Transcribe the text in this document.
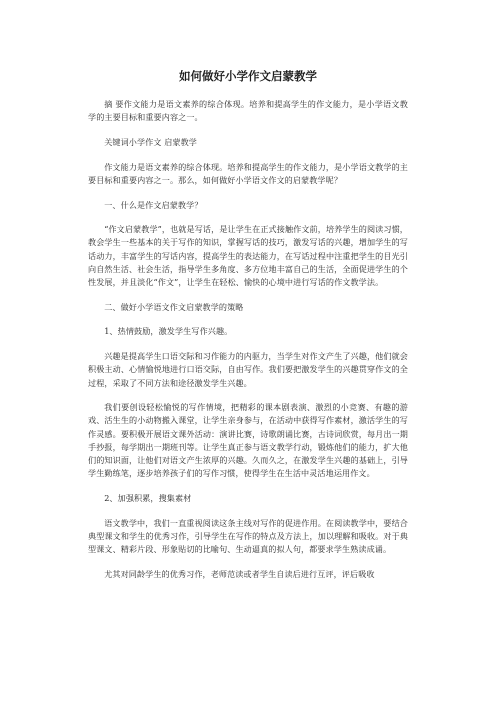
如何做好小学作文启蒙教学

摘 要作文能力是语文素养的综合体现。培养和提高学生的作文能力，是小学语文教学的主要目标和重要内容之一。

关键词小学作文 启蒙教学

作文能力是语文素养的综合体现。培养和提高学生的作文能力，是小学语文教学的主要目标和重要内容之一。那么，如何做好小学语文作文的启蒙教学呢？

一、什么是作文启蒙教学？

“作文启蒙教学”，也就是写话，是让学生在正式接触作文前，培养学生的阅读习惯，教会学生一些基本的关于写作的知识，掌握写话的技巧，激发写话的兴趣，增加学生的写话动力，丰富学生的写话内容，提高学生的表达能力，在写话过程中注重把学生的目光引向自然生活、社会生活，指导学生多角度、多方位地丰富自己的生活，全面促进学生的个性发展，并且淡化“作文”，让学生在轻松、愉快的心境中进行写话的作文教学法。

二、做好小学语文作文启蒙教学的策略

1、热情鼓励，激发学生写作兴趣。

兴趣是提高学生口语交际和习作能力的内驱力，当学生对作文产生了兴趣，他们就会积极主动、心情愉悦地进行口语交际，自由写作。我们要把激发学生的兴趣贯穿作文的全过程，采取了不同方法和途径激发学生兴趣。

我们要创设轻松愉悦的写作情境，把精彩的课本剧表演、激烈的小竞赛、有趣的游戏、活生生的小动物搬入课堂，让学生亲身参与，在活动中获得写作素材，激活学生的写作灵感。要积极开展语文课外活动：演讲比赛，诗歌朗诵比赛，古诗词欣赏，每月出一期手抄报，每学期出一期班刊等。让学生真正参与语文教学行动，锻炼他们的能力，扩大他们的知识面，让他们对语文产生浓厚的兴趣。久而久之，在激发学生兴趣的基础上，引导学生勤练笔，逐步培养孩子们的写作习惯，使得学生在生活中灵活地运用作文。

2、加强积累，搜集素材

语文教学中，我们一直重视阅读这条主线对写作的促进作用。在阅读教学中，要结合典型课文和学生的优秀习作，引导学生在写作的特点及方法上，加以理解和吸收。对于典型课文、精彩片段、形象贴切的比喻句、生动逼真的拟人句，都要求学生熟读成诵。

尤其对同龄学生的优秀习作，老师范读或者学生自读后进行互评，评后吸收
